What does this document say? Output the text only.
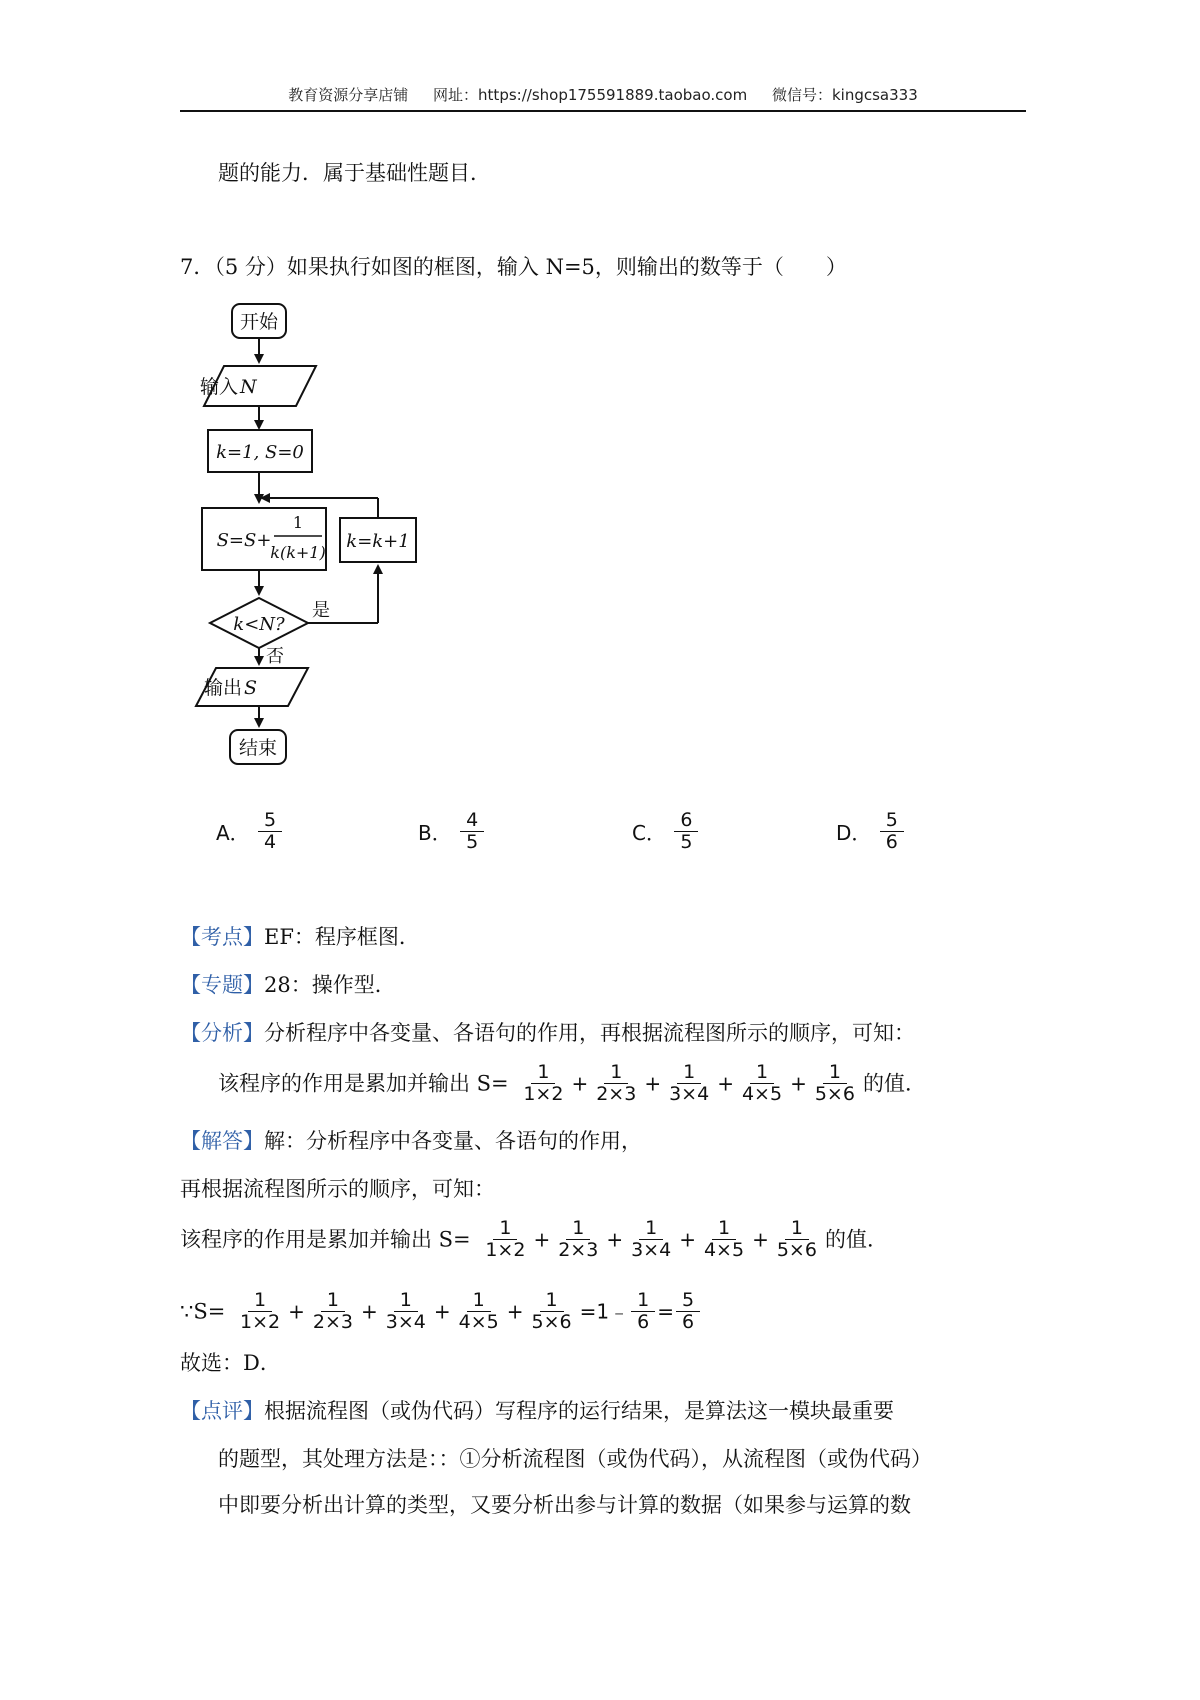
教育资源分享店铺 网址：https://shop175591889.taobao.com 微信号：kingcsa333
题的能力．属于基础性题目．
7．（5 分）如果执行如图的框图，输入 N=5，则输出的数等于（　　）
开始
输入 N
k=1, S=0
S=S+
1
k(k+1)
k=k+1
k<N?
是
否
输出 S
结束
A． $\frac{5}{4}$	B． $\frac{4}{5}$	C． $\frac{6}{5}$	D． $\frac{5}{6}$
【考点】EF：程序框图．
【专题】28：操作型．
【分析】分析程序中各变量、各语句的作用，再根据流程图所示的顺序，可知：
该程序的作用是累加并输出 $S= \frac{1}{1\times 2} + \frac{1}{2\times 3} + \frac{1}{3\times 4} + \frac{1}{4\times 5} + \frac{1}{5\times 6}$ 的值．
【解答】解：分析程序中各变量、各语句的作用，
再根据流程图所示的顺序，可知：
该程序的作用是累加并输出 $S= \frac{1}{1\times 2} + \frac{1}{2\times 3} + \frac{1}{3\times 4} + \frac{1}{4\times 5} + \frac{1}{5\times 6}$ 的值．
∵S= $\frac{1}{1\times 2} + \frac{1}{2\times 3} + \frac{1}{3\times 4} + \frac{1}{4\times 5} + \frac{1}{5\times 6}$ =1﹣ $\frac{1}{6} = \frac{5}{6}$
故选：D．
【点评】根据流程图（或伪代码）写程序的运行结果，是算法这一模块最重要
的题型，其处理方法是：：①分析流程图（或伪代码），从流程图（或伪代码）
中即要分析出计算的类型，又要分析出参与计算的数据（如果参与运算的数
